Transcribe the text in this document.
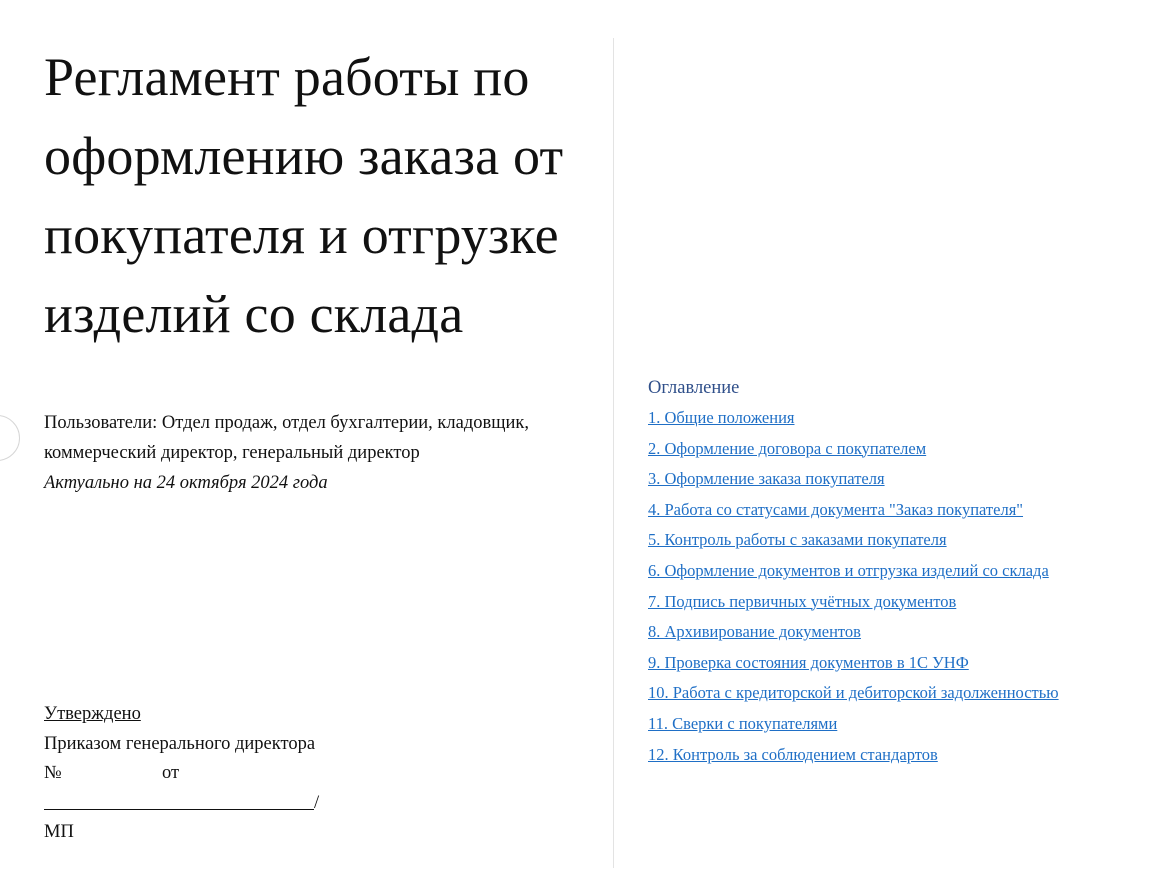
Регламент работы по
оформлению заказа от
покупателя и отгрузке
изделий со склада
Пользователи: Отдел продаж, отдел бухгалтерии, кладовщик,
коммерческий директор, генеральный директор
Актуально на 24 октября 2024 года
Утверждено
Приказом генерального директора
№	от
/
МП
Оглавление
1. Общие положения
2. Оформление договора с покупателем
3. Оформление заказа покупателя
4. Работа со статусами документа "Заказ покупателя"
5. Контроль работы с заказами покупателя
6. Оформление документов и отгрузка изделий со склада
7. Подпись первичных учётных документов
8. Архивирование документов
9. Проверка состояния документов в 1С УНФ
10. Работа с кредиторской и дебиторской задолженностью
11. Сверки с покупателями
12. Контроль за соблюдением стандартов
